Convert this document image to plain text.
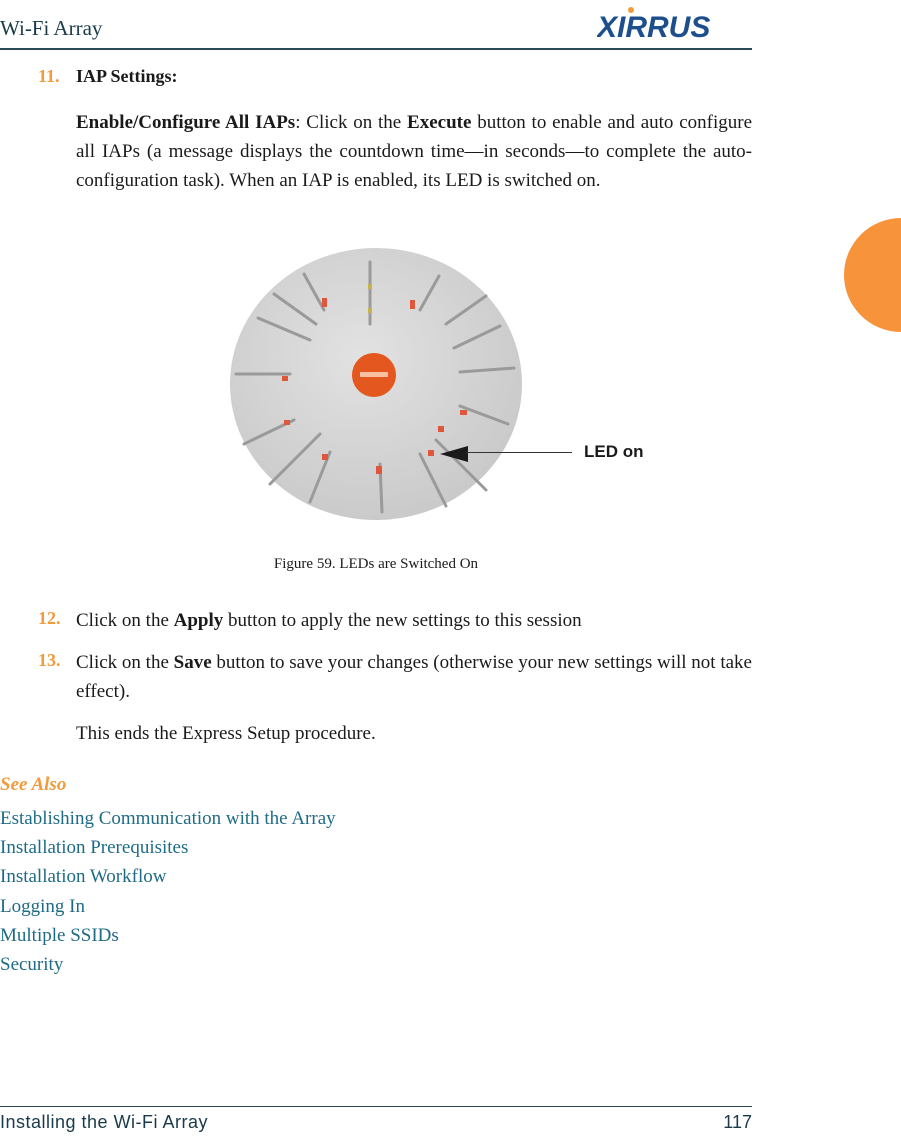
Wi-Fi Array	XIRRUS
11. IAP Settings:
Enable/Configure All IAPs: Click on the Execute button to enable and auto configure all IAPs (a message displays the countdown time—in seconds—to complete the auto-configuration task). When an IAP is enabled, its LED is switched on.
LED on
Figure 59. LEDs are Switched On
12. Click on the Apply button to apply the new settings to this session
13. Click on the Save button to save your changes (otherwise your new settings will not take effect).
This ends the Express Setup procedure.
See Also
Establishing Communication with the Array
Installation Prerequisites
Installation Workflow
Logging In
Multiple SSIDs
Security
Installing the Wi-Fi Array	117
